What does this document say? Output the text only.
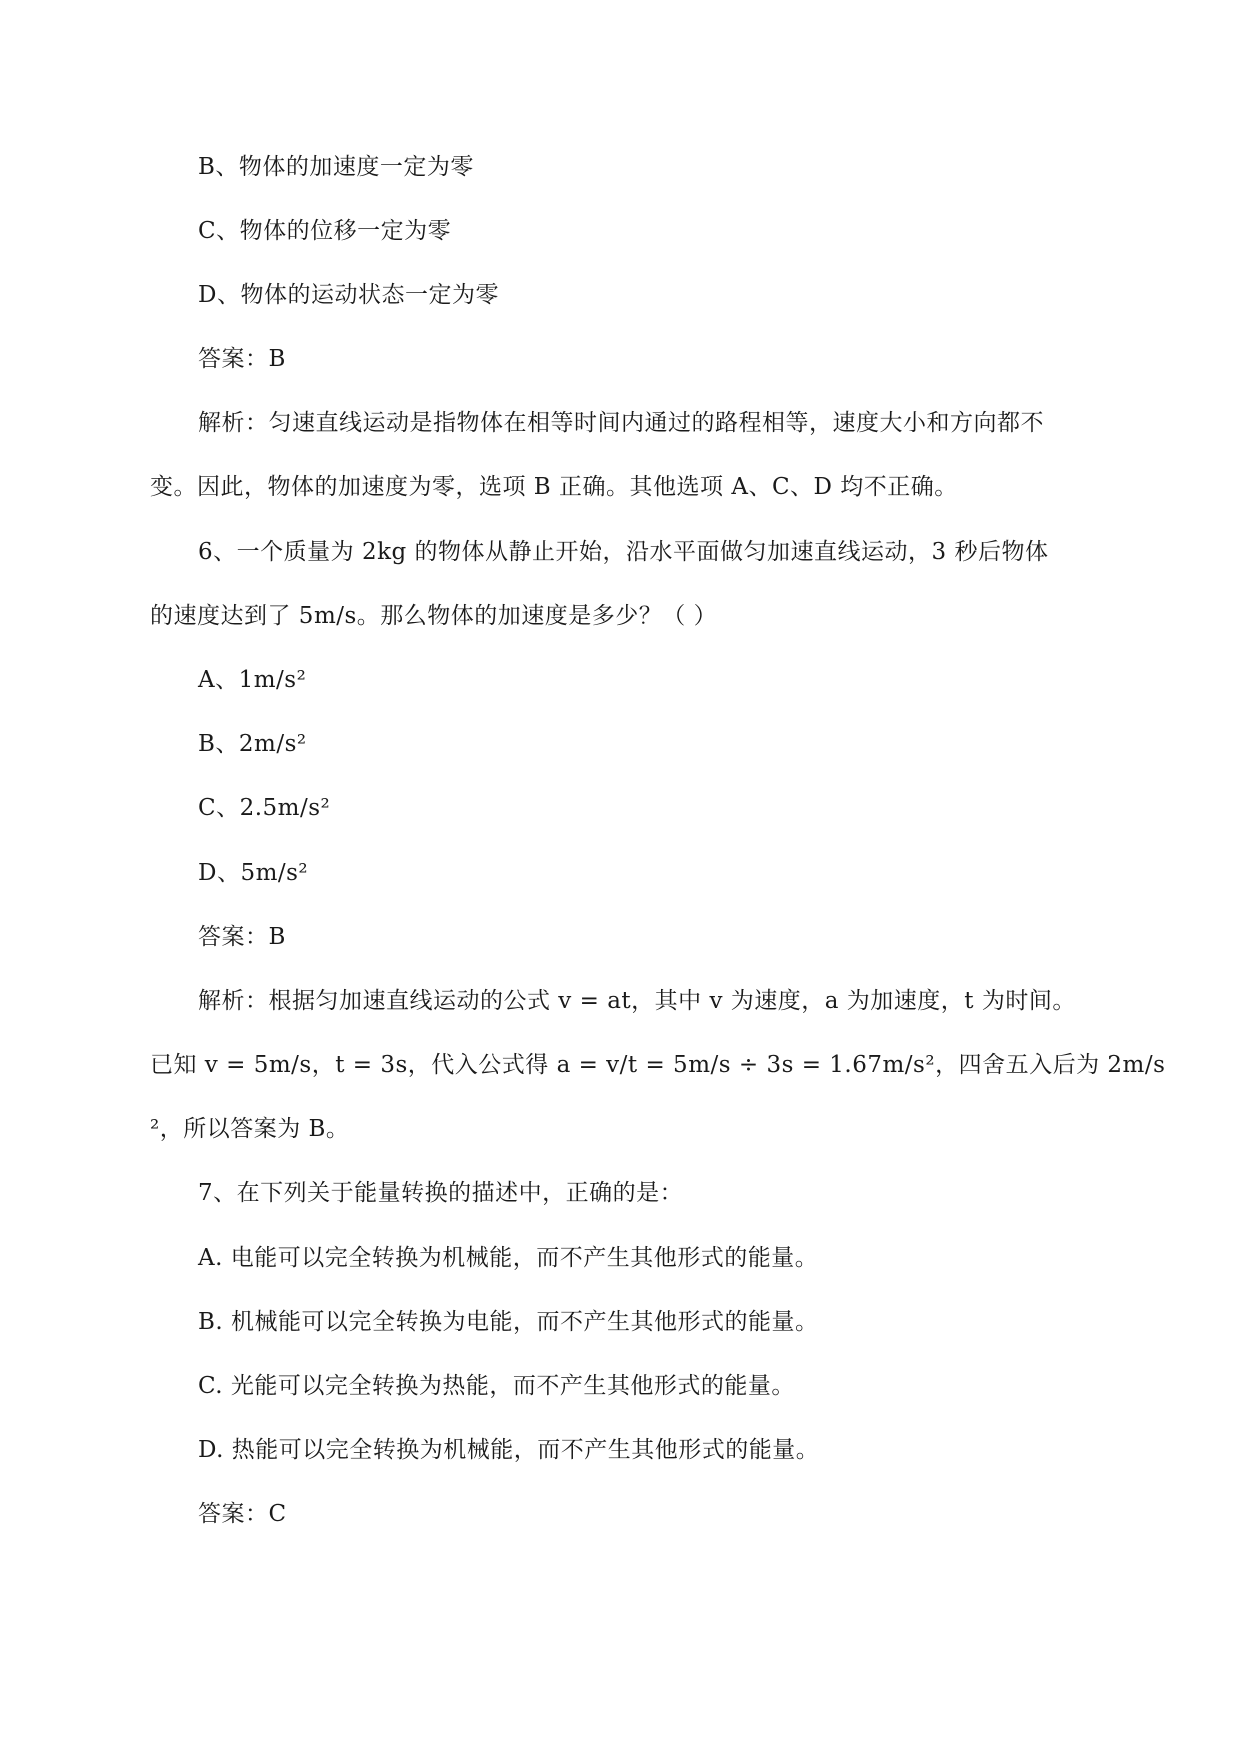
B、物体的加速度一定为零
C、物体的位移一定为零
D、物体的运动状态一定为零
答案：B
解析：匀速直线运动是指物体在相等时间内通过的路程相等，速度大小和方向都不
变。因此，物体的加速度为零，选项 B 正确。其他选项 A、C、D 均不正确。
6、一个质量为 2kg 的物体从静止开始，沿水平面做匀加速直线运动，3 秒后物体
的速度达到了 5m/s。那么物体的加速度是多少？（ ）
A、1m/s²
B、2m/s²
C、2.5m/s²
D、5m/s²
答案：B
解析：根据匀加速直线运动的公式 v = at，其中 v 为速度，a 为加速度，t 为时间。
已知 v = 5m/s，t = 3s，代入公式得 a = v/t = 5m/s ÷ 3s = 1.67m/s²，四舍五入后为 2m/s
²，所以答案为 B。
7、在下列关于能量转换的描述中，正确的是：
A. 电能可以完全转换为机械能，而不产生其他形式的能量。
B. 机械能可以完全转换为电能，而不产生其他形式的能量。
C. 光能可以完全转换为热能，而不产生其他形式的能量。
D. 热能可以完全转换为机械能，而不产生其他形式的能量。
答案：C
